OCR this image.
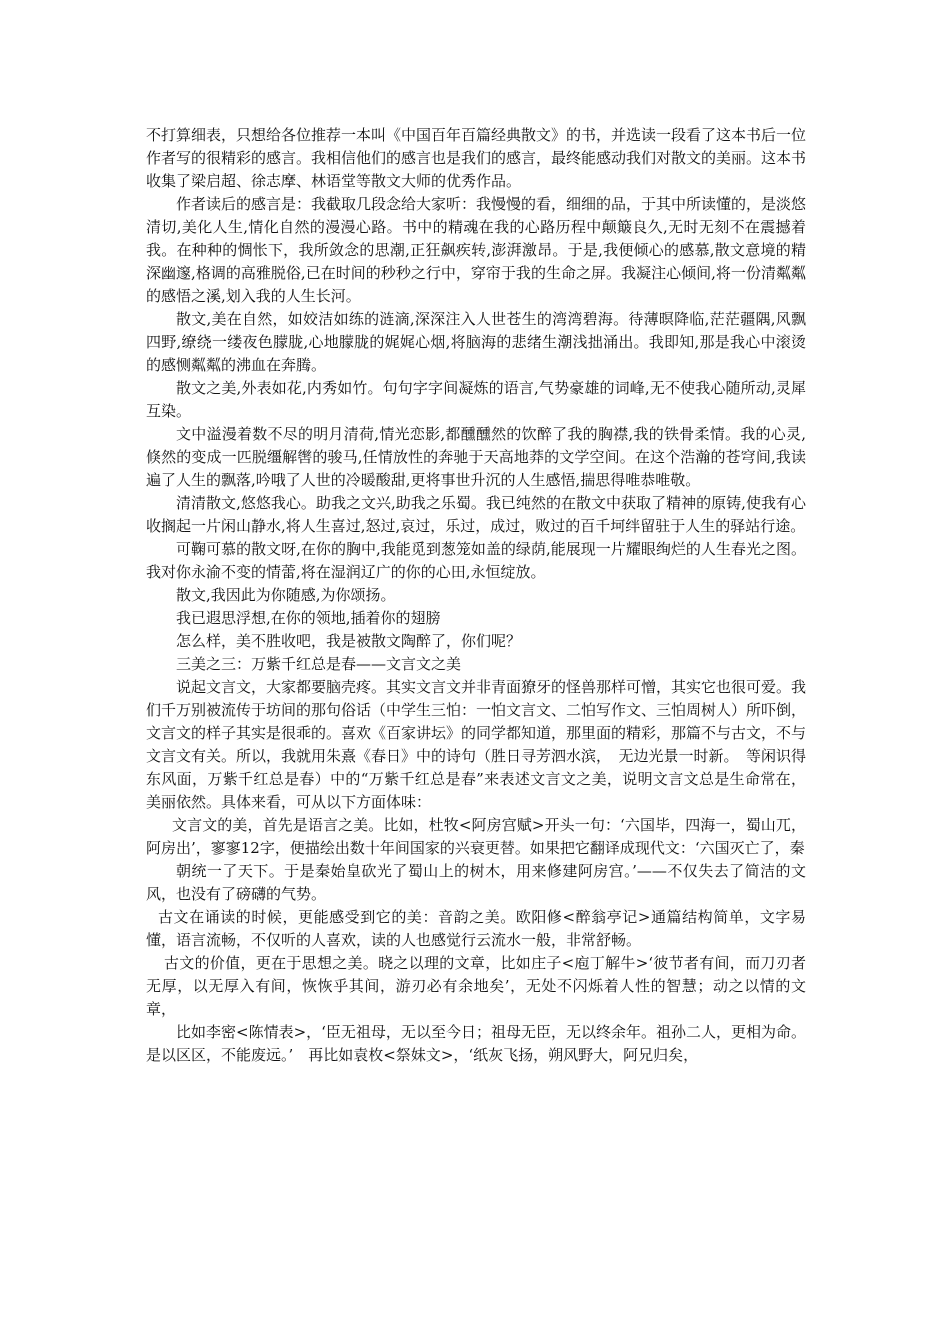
不打算细表，只想给各位推荐一本叫《中国百年百篇经典散文》的书，并选读一段看了这本书后一位作者写的很精彩的感言。我相信他们的感言也是我们的感言，最终能感动我们对散文的美丽。这本书收集了梁启超、徐志摩、林语堂等散文大师的优秀作品。

作者读后的感言是：我截取几段念给大家听：我慢慢的看，细细的品，于其中所读懂的，是淡悠清切,美化人生,情化自然的漫漫心路。书中的精魂在我的心路历程中颠簸良久,无时无刻不在震撼着我。在种种的惆怅下，我所敛念的思潮,正狂飙疾转,澎湃激昂。于是,我便倾心的感慕,散文意境的精深幽邃,格调的高雅脱俗,已在时间的秒秒之行中，穿帘于我的生命之屏。我凝注心倾间,将一份清粼粼的感悟之溪,划入我的人生长河。

散文,美在自然，如姣洁如练的涟滴,深深注入人世苍生的湾湾碧海。待薄暝降临,茫茫疆隅,风飘四野,缭绕一缕夜色朦胧,心地朦胧的娓娓心烟,将脑海的悲绪生潮浅拙涌出。我即知,那是我心中滚烫的感恻粼粼的沸血在奔腾。

散文之美,外表如花,内秀如竹。句句字字间凝炼的语言,气势豪雄的词峰,无不使我心随所动,灵犀互染。

文中溢漫着数不尽的明月清荷,情光恋影,都醺醺然的饮醉了我的胸襟,我的铁骨柔情。我的心灵,倏然的变成一匹脱缰解辔的骏马,任情放性的奔驰于天高地莽的文学空间。在这个浩瀚的苍穹间,我读遍了人生的飘落,吟哦了人世的冷暖酸甜,更将事世升沉的人生感悟,揣思得唯恭唯敬。

清清散文,悠悠我心。助我之文兴,助我之乐蜀。我已纯然的在散文中获取了精神的原铸,使我有心收搁起一片闲山静水,将人生喜过,怒过,哀过，乐过，成过，败过的百千坷绊留驻于人生的驿站行途。

可鞠可慕的散文呀,在你的胸中,我能觅到葱笼如盖的绿荫,能展现一片耀眼绚烂的人生春光之图。我对你永渝不变的情蕾,将在湿润辽广的你的心田,永恒绽放。

散文,我因此为你随感,为你颂扬。

我已遐思浮想,在你的领地,插着你的翅膀

怎么样，美不胜收吧，我是被散文陶醉了，你们呢？

三美之三：万紫千红总是春——文言文之美

说起文言文，大家都要脑壳疼。其实文言文并非青面獠牙的怪兽那样可憎，其实它也很可爱。我们千万别被流传于坊间的那句俗话（中学生三怕：一怕文言文、二怕写作文、三怕周树人）所吓倒，文言文的样子其实是很乖的。喜欢《百家讲坛》的同学都知道，那里面的精彩，那篇不与古文，不与文言文有关。所以，我就用朱熹《春日》中的诗句（胜日寻芳泗水滨，　无边光景一时新。　等闲识得东风面，万紫千红总是春）中的“万紫千红总是春”来表述文言文之美，说明文言文总是生命常在，美丽依然。具体来看，可从以下方面体味：

文言文的美，首先是语言之美。比如，杜牧<阿房宫赋>开头一句：‘六国毕，四海一，蜀山兀，阿房出’，寥寥12字，便描绘出数十年间国家的兴衰更替。如果把它翻译成现代文：‘六国灭亡了，秦

朝统一了天下。于是秦始皇砍光了蜀山上的树木，用来修建阿房宫。’——不仅失去了简洁的文风，也没有了磅礴的气势。

古文在诵读的时候，更能感受到它的美：音韵之美。欧阳修<醉翁亭记>通篇结构简单，文字易懂，语言流畅，不仅听的人喜欢，读的人也感觉行云流水一般，非常舒畅。

古文的价值，更在于思想之美。晓之以理的文章，比如庄子<庖丁解牛>‘彼节者有间，而刀刃者无厚，以无厚入有间，恢恢乎其间，游刃必有余地矣’，无处不闪烁着人性的智慧；动之以情的文章，

比如李密<陈情表>，‘臣无祖母，无以至今日；祖母无臣，无以终余年。祖孙二人，更相为命。是以区区，不能废远。’　再比如袁枚<祭妹文>，‘纸灰飞扬，朔风野大，阿兄归矣，
